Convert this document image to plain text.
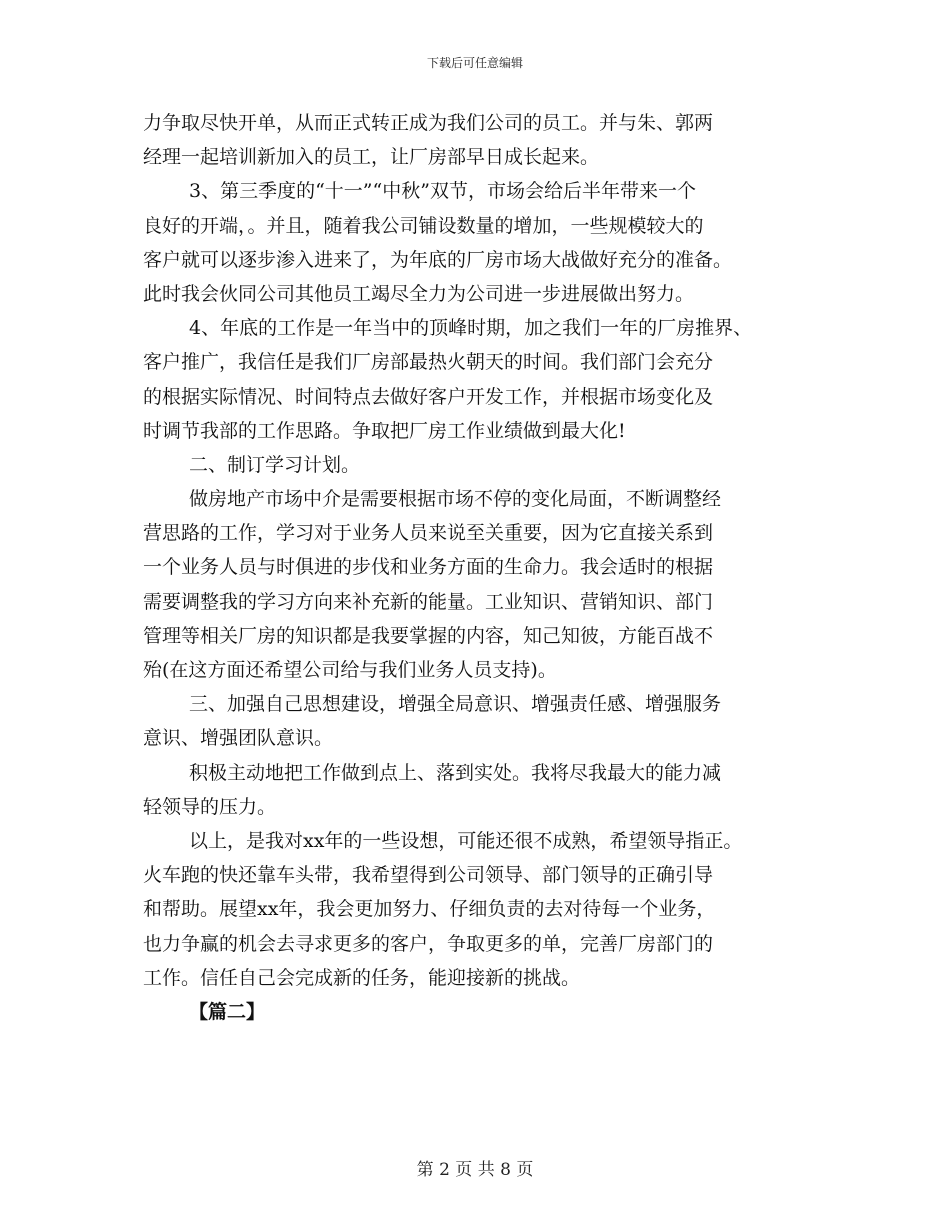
下载后可任意编辑
力争取尽快开单，从而正式转正成为我们公司的员工。并与朱、郭两
经理一起培训新加入的员工，让厂房部早日成长起来。
3、第三季度的“十一”“中秋”双节，市场会给后半年带来一个
良好的开端，。并且，随着我公司铺设数量的增加，一些规模较大的
客户就可以逐步渗入进来了，为年底的厂房市场大战做好充分的准备。
此时我会伙同公司其他员工竭尽全力为公司进一步进展做出努力。
4、年底的工作是一年当中的顶峰时期，加之我们一年的厂房推界、
客户推广，我信任是我们厂房部最热火朝天的时间。我们部门会充分
的根据实际情况、时间特点去做好客户开发工作，并根据市场变化及
时调节我部的工作思路。争取把厂房工作业绩做到最大化!
二、制订学习计划。
做房地产市场中介是需要根据市场不停的变化局面，不断调整经
营思路的工作，学习对于业务人员来说至关重要，因为它直接关系到
一个业务人员与时俱进的步伐和业务方面的生命力。我会适时的根据
需要调整我的学习方向来补充新的能量。工业知识、营销知识、部门
管理等相关厂房的知识都是我要掌握的内容，知己知彼，方能百战不
殆(在这方面还希望公司给与我们业务人员支持)。
三、加强自己思想建设，增强全局意识、增强责任感、增强服务
意识、增强团队意识。
积极主动地把工作做到点上、落到实处。我将尽我最大的能力减
轻领导的压力。
以上，是我对xx年的一些设想，可能还很不成熟，希望领导指正。
火车跑的快还靠车头带，我希望得到公司领导、部门领导的正确引导
和帮助。展望xx年，我会更加努力、仔细负责的去对待每一个业务，
也力争赢的机会去寻求更多的客户，争取更多的单，完善厂房部门的
工作。信任自己会完成新的任务，能迎接新的挑战。
【篇二】
第 2 页 共 8 页
